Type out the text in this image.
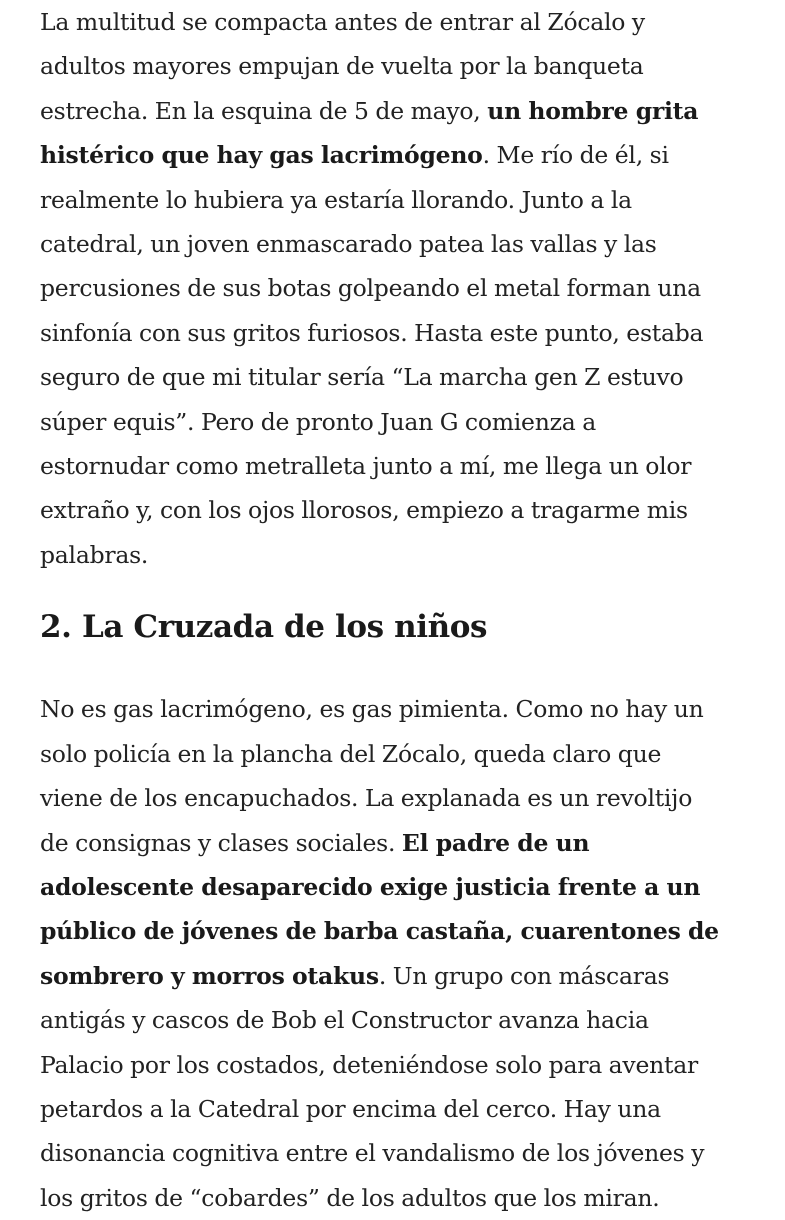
La multitud se compacta antes de entrar al Zócalo y
adultos mayores empujan de vuelta por la banqueta
estrecha. En la esquina de 5 de mayo, un hombre grita
histérico que hay gas lacrimógeno. Me río de él, si
realmente lo hubiera ya estaría llorando. Junto a la
catedral, un joven enmascarado patea las vallas y las
percusiones de sus botas golpeando el metal forman una
sinfonía con sus gritos furiosos. Hasta este punto, estaba
seguro de que mi titular sería “La marcha gen Z estuvo
súper equis”. Pero de pronto Juan G comienza a
estornudar como metralleta junto a mí, me llega un olor
extraño y, con los ojos llorosos, empiezo a tragarme mis
palabras.

2. La Cruzada de los niños

No es gas lacrimógeno, es gas pimienta. Como no hay un
solo policía en la plancha del Zócalo, queda claro que
viene de los encapuchados. La explanada es un revoltijo
de consignas y clases sociales. El padre de un
adolescente desaparecido exige justicia frente a un
público de jóvenes de barba castaña, cuarentones de
sombrero y morros otakus. Un grupo con máscaras
antigás y cascos de Bob el Constructor avanza hacia
Palacio por los costados, deteniéndose solo para aventar
petardos a la Catedral por encima del cerco. Hay una
disonancia cognitiva entre el vandalismo de los jóvenes y
los gritos de “cobardes” de los adultos que los miran.
